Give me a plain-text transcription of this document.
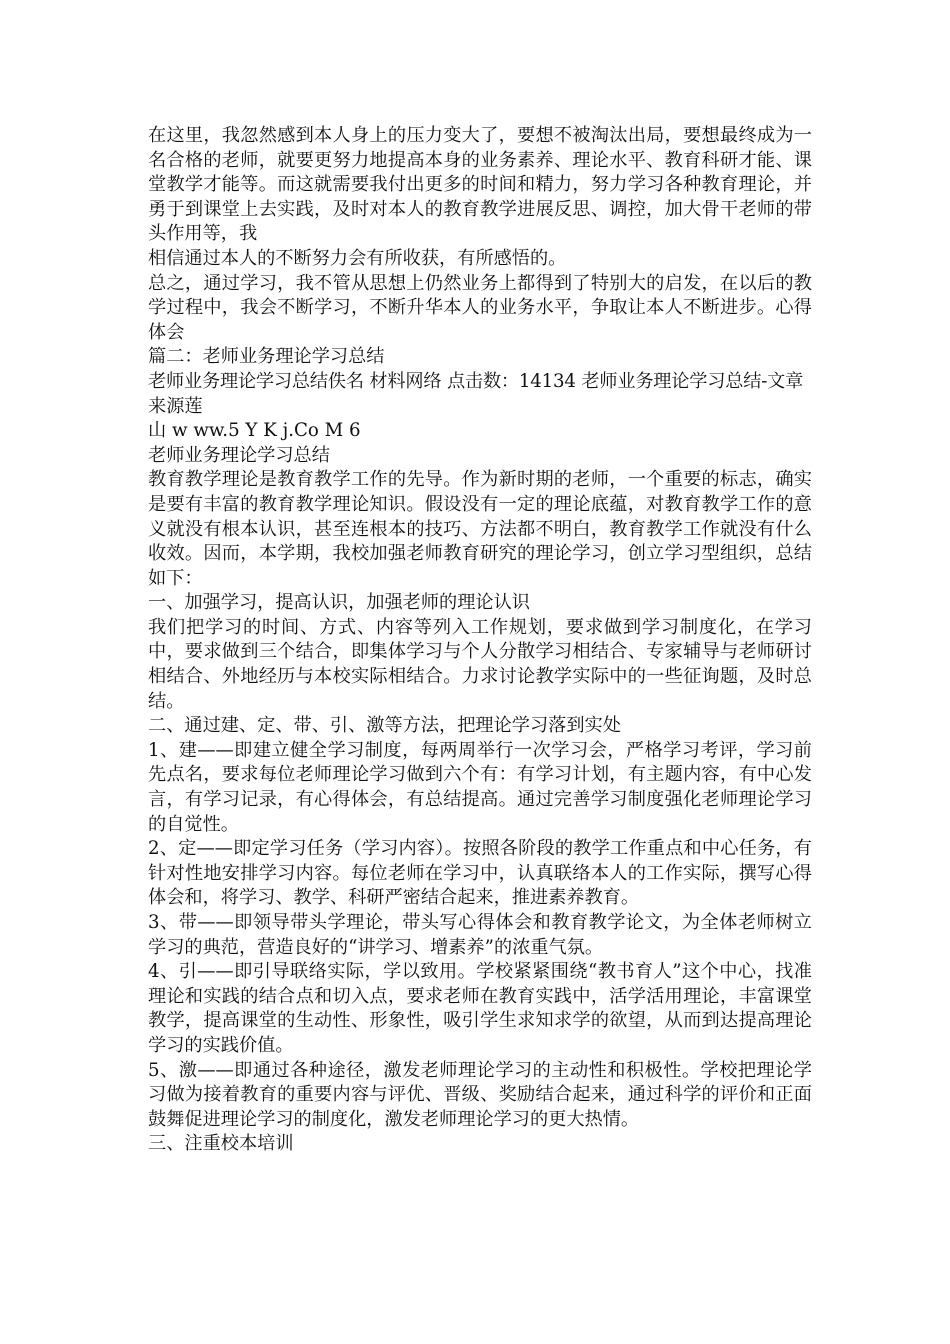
在这里，我忽然感到本人身上的压力变大了，要想不被淘汰出局，要想最终成为一名合格的老师，就要更努力地提高本身的业务素养、理论水平、教育科研才能、课堂教学才能等。而这就需要我付出更多的时间和精力，努力学习各种教育理论，并勇于到课堂上去实践，及时对本人的教育教学进展反思、调控，加大骨干老师的带头作用等，我

相信通过本人的不断努力会有所收获，有所感悟的。

总之，通过学习，我不管从思想上仍然业务上都得到了特别大的启发，在以后的教学过程中，我会不断学习，不断升华本人的业务水平，争取让本人不断进步。心得体会

篇二：老师业务理论学习总结

老师业务理论学习总结佚名 材料网络 点击数：14134 老师业务理论学习总结-文章

来源莲

山 w ww.5 Y K j.Co M 6

老师业务理论学习总结

教育教学理论是教育教学工作的先导。作为新时期的老师，一个重要的标志，确实是要有丰富的教育教学理论知识。假设没有一定的理论底蕴，对教育教学工作的意义就没有根本认识，甚至连根本的技巧、方法都不明白，教育教学工作就没有什么收效。因而，本学期，我校加强老师教育研究的理论学习，创立学习型组织，总结如下：

一、加强学习，提高认识，加强老师的理论认识

我们把学习的时间、方式、内容等列入工作规划，要求做到学习制度化，在学习中，要求做到三个结合，即集体学习与个人分散学习相结合、专家辅导与老师研讨相结合、外地经历与本校实际相结合。力求讨论教学实际中的一些征询题，及时总结。

二、通过建、定、带、引、激等方法，把理论学习落到实处

1、建——即建立健全学习制度，每两周举行一次学习会，严格学习考评，学习前先点名，要求每位老师理论学习做到六个有：有学习计划，有主题内容，有中心发言，有学习记录，有心得体会，有总结提高。通过完善学习制度强化老师理论学习的自觉性。

2、定——即定学习任务（学习内容）。按照各阶段的教学工作重点和中心任务，有针对性地安排学习内容。每位老师在学习中，认真联络本人的工作实际，撰写心得体会和，将学习、教学、科研严密结合起来，推进素养教育。

3、带——即领导带头学理论，带头写心得体会和教育教学论文，为全体老师树立学习的典范，营造良好的“讲学习、增素养”的浓重气氛。

4、引——即引导联络实际，学以致用。学校紧紧围绕“教书育人”这个中心，找准理论和实践的结合点和切入点，要求老师在教育实践中，活学活用理论，丰富课堂教学，提高课堂的生动性、形象性，吸引学生求知求学的欲望，从而到达提高理论学习的实践价值。

5、激——即通过各种途径，激发老师理论学习的主动性和积极性。学校把理论学习做为接着教育的重要内容与评优、晋级、奖励结合起来，通过科学的评价和正面鼓舞促进理论学习的制度化，激发老师理论学习的更大热情。

三、注重校本培训
